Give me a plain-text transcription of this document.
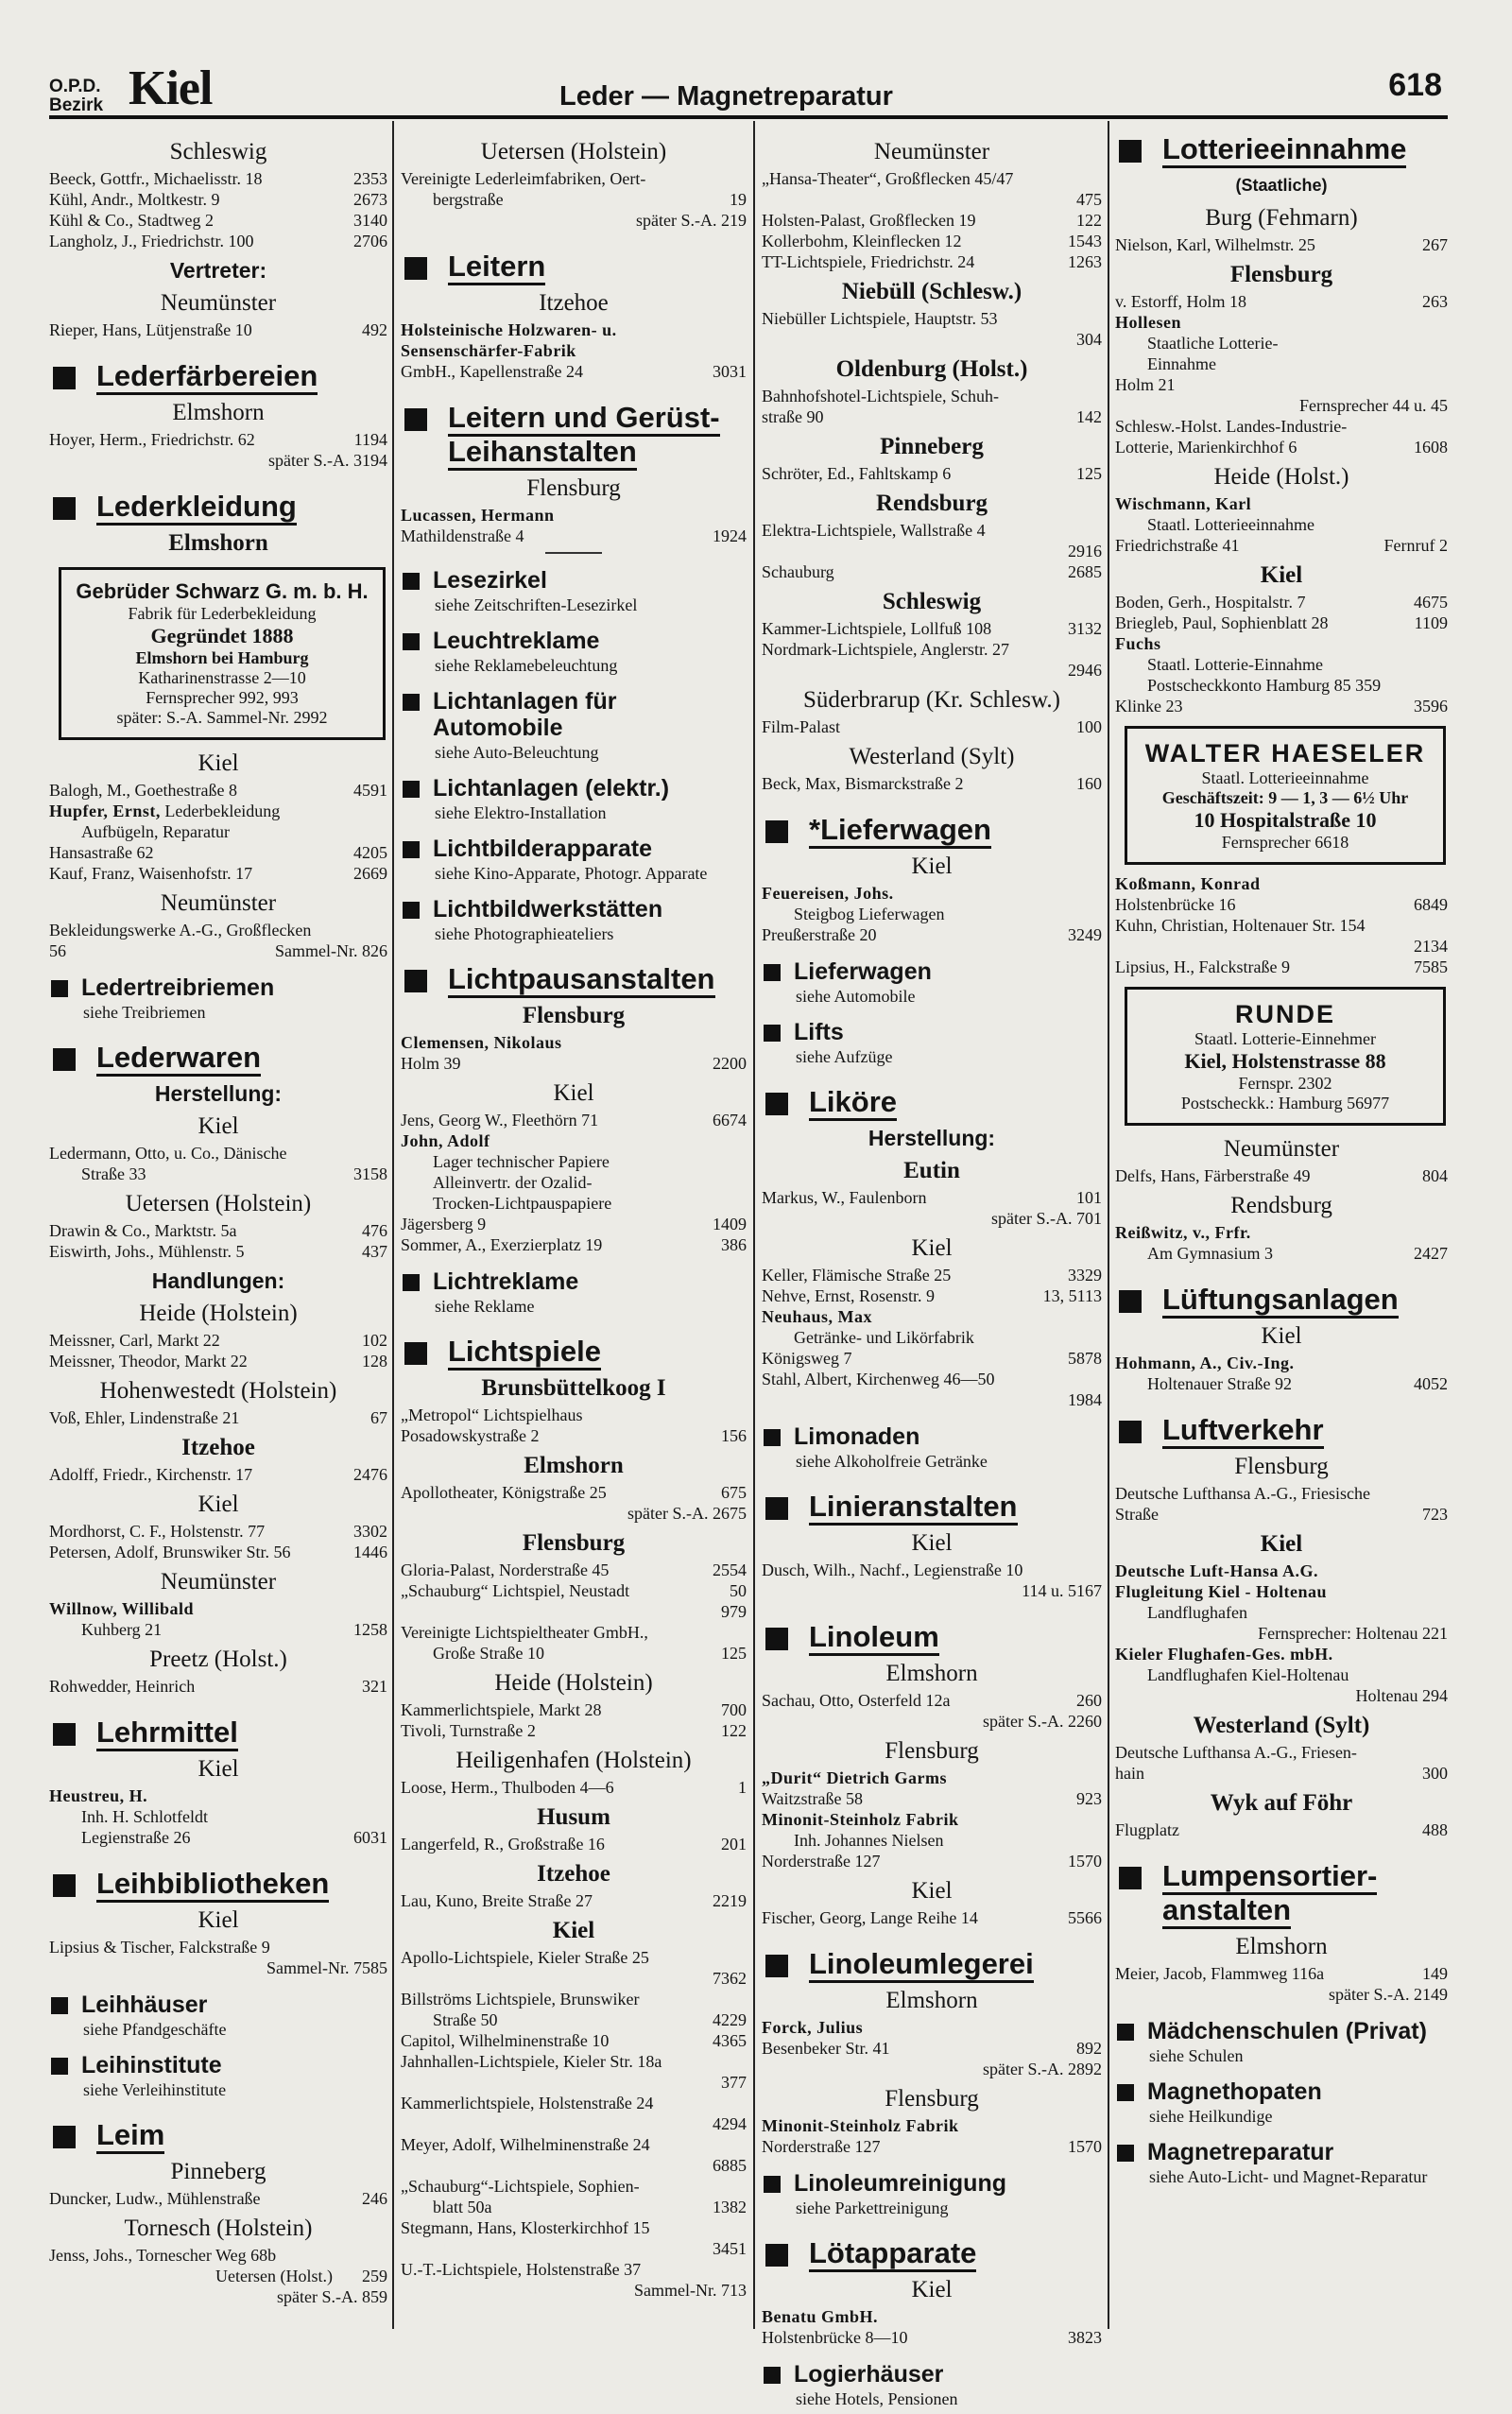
O.P.D.
Bezirk Kiel	Leder — Magnetreparatur	618
Schleswig
Beeck, Gottfr., Michaelisstr. 18	2353
Kühl, Andr., Moltkestr. 9	2673
Kühl & Co., Stadtweg 2	3140
Langholz, J., Friedrichstr. 100	2706
Vertreter:
Neumünster
Rieper, Hans, Lütjenstraße 10	492
Lederfärbereien
Elmshorn
Hoyer, Herm., Friedrichstr. 62	1194
später S.-A. 3194
Lederkleidung
Elmshorn
Gebrüder Schwarz G. m. b. H.
Fabrik für Lederbekleidung
Gegründet 1888
Elmshorn bei Hamburg
Katharinenstrasse 2—10
Fernsprecher 992, 993
später: S.-A. Sammel-Nr. 2992
Kiel
Balogh, M., Goethestraße 8	4591
Hupfer, Ernst, Lederbekleidung
Aufbügeln, Reparatur
Hansastraße 62	4205
Kauf, Franz, Waisenhofstr. 17	2669
Neumünster
Bekleidungswerke A.-G., Großflecken
56	Sammel-Nr. 826
Ledertreibriemen
siehe Treibriemen
Lederwaren
Herstellung:
Kiel
Ledermann, Otto, u. Co., Dänische
Straße 33	3158
Uetersen (Holstein)
Drawin & Co., Marktstr. 5a	476
Eiswirth, Johs., Mühlenstr. 5	437
Handlungen:
Heide (Holstein)
Meissner, Carl, Markt 22	102
Meissner, Theodor, Markt 22	128
Hohenwestedt (Holstein)
Voß, Ehler, Lindenstraße 21	67
Itzehoe
Adolff, Friedr., Kirchenstr. 17	2476
Kiel
Mordhorst, C. F., Holstenstr. 77	3302
Petersen, Adolf, Brunswiker Str. 56	1446
Neumünster
Willnow, Willibald
Kuhberg 21	1258
Preetz (Holst.)
Rohwedder, Heinrich	321
Lehrmittel
Kiel
Heustreu, H.
Inh. H. Schlotfeldt
Legienstraße 26	6031
Leihbibliotheken
Kiel
Lipsius & Tischer, Falckstraße 9
Sammel-Nr. 7585
Leihhäuser
siehe Pfandgeschäfte
Leihinstitute
siehe Verleihinstitute
Leim
Pinneberg
Duncker, Ludw., Mühlenstraße	246
Tornesch (Holstein)
Jenss, Johs., Tornescher Weg 68b
Uetersen (Holst.) 259
später S.-A. 859
Uetersen (Holstein)
Vereinigte Lederleimfabriken, Oert-
bergstraße	19
später S.-A. 219
Leitern
Itzehoe
Holsteinische Holzwaren- u.
Sensenschärfer-Fabrik
GmbH., Kapellenstraße 24	3031
Leitern und Gerüst-Leihanstalten
Flensburg
Lucassen, Hermann
Mathildenstraße 4	1924
Lesezirkel
siehe Zeitschriften-Lesezirkel
Leuchtreklame
siehe Reklamebeleuchtung
Lichtanlagen für Automobile
siehe Auto-Beleuchtung
Lichtanlagen (elektr.)
siehe Elektro-Installation
Lichtbilderapparate
siehe Kino-Apparate, Photogr. Apparate
Lichtbildwerkstätten
siehe Photographieateliers
Lichtpausanstalten
Flensburg
Clemensen, Nikolaus
Holm 39	2200
Kiel
Jens, Georg W., Fleethörn 71	6674
John, Adolf
Lager technischer Papiere
Alleinvertr. der Ozalid-
Trocken-Lichtpauspapiere
Jägersberg 9	1409
Sommer, A., Exerzierplatz 19	386
Lichtreklame
siehe Reklame
Lichtspiele
Brunsbüttelkoog I
„Metropol“ Lichtspielhaus
Posadowskystraße 2	156
Elmshorn
Apollotheater, Königstraße 25	675
später S.-A. 2675
Flensburg
Gloria-Palast, Norderstraße 45	2554
„Schauburg“ Lichtspiel, Neustadt	50
979
Vereinigte Lichtspieltheater GmbH.,
Große Straße 10	125
Heide (Holstein)
Kammerlichtspiele, Markt 28	700
Tivoli, Turnstraße 2	122
Heiligenhafen (Holstein)
Loose, Herm., Thulboden 4—6	1
Husum
Langerfeld, R., Großstraße 16	201
Itzehoe
Lau, Kuno, Breite Straße 27	2219
Kiel
Apollo-Lichtspiele, Kieler Straße 25
7362
Billströms Lichtspiele, Brunswiker
Straße 50	4229
Capitol, Wilhelminenstraße 10	4365
Jahnhallen-Lichtspiele, Kieler Str. 18a
377
Kammerlichtspiele, Holstenstraße 24
4294
Meyer, Adolf, Wilhelminenstraße 24
6885
„Schauburg“-Lichtspiele, Sophien-
blatt 50a	1382
Stegmann, Hans, Klosterkirchhof 15
3451
U.-T.-Lichtspiele, Holstenstraße 37
Sammel-Nr. 713
Neumünster
„Hansa-Theater“, Großflecken 45/47
475
Holsten-Palast, Großflecken 19	122
Kollerbohm, Kleinflecken 12	1543
TT-Lichtspiele, Friedrichstr. 24	1263
Niebüll (Schlesw.)
Niebüller Lichtspiele, Hauptstr. 53
304
Oldenburg (Holst.)
Bahnhofshotel-Lichtspiele, Schuh-
straße 90	142
Pinneberg
Schröter, Ed., Fahltskamp 6	125
Rendsburg
Elektra-Lichtspiele, Wallstraße 4
2916
Schauburg	2685
Schleswig
Kammer-Lichtspiele, Lollfuß 108	3132
Nordmark-Lichtspiele, Anglerstr. 27
2946
Süderbrarup (Kr. Schlesw.)
Film-Palast	100
Westerland (Sylt)
Beck, Max, Bismarckstraße 2	160
*Lieferwagen
Kiel
Feuereisen, Johs.
Steigbog Lieferwagen
Preußerstraße 20	3249
Lieferwagen
siehe Automobile
Lifts
siehe Aufzüge
Liköre
Herstellung:
Eutin
Markus, W., Faulenborn	101
später S.-A. 701
Kiel
Keller, Flämische Straße 25	3329
Nehve, Ernst, Rosenstr. 9	13, 5113
Neuhaus, Max
Getränke- und Likörfabrik
Königsweg 7	5878
Stahl, Albert, Kirchenweg 46—50
1984
Limonaden
siehe Alkoholfreie Getränke
Linieranstalten
Kiel
Dusch, Wilh., Nachf., Legienstraße 10
114 u. 5167
Linoleum
Elmshorn
Sachau, Otto, Osterfeld 12a	260
später S.-A. 2260
Flensburg
„Durit“ Dietrich Garms
Waitzstraße 58	923
Minonit-Steinholz Fabrik
Inh. Johannes Nielsen
Norderstraße 127	1570
Kiel
Fischer, Georg, Lange Reihe 14	5566
Linoleumlegerei
Elmshorn
Forck, Julius
Besenbeker Str. 41	892
später S.-A. 2892
Flensburg
Minonit-Steinholz Fabrik
Norderstraße 127	1570
Linoleumreinigung
siehe Parkettreinigung
Lötapparate
Kiel
Benatu GmbH.
Holstenbrücke 8—10	3823
Logierhäuser
siehe Hotels, Pensionen
Lotterieeinnahme
(Staatliche)
Burg (Fehmarn)
Nielson, Karl, Wilhelmstr. 25	267
Flensburg
v. Estorff, Holm 18	263
Hollesen
Staatliche Lotterie-
Einnahme
Holm 21
Fernsprecher 44 u. 45
Schlesw.-Holst. Landes-Industrie-
Lotterie, Marienkirchhof 6	1608
Heide (Holst.)
Wischmann, Karl
Staatl. Lotterieeinnahme
Friedrichstraße 41	Fernruf 2
Kiel
Boden, Gerh., Hospitalstr. 7	4675
Briegleb, Paul, Sophienblatt 28	1109
Fuchs
Staatl. Lotterie-Einnahme
Postscheckkonto Hamburg 85 359
Klinke 23	3596
WALTER HAESELER
Staatl. Lotterieeinnahme
Geschäftszeit: 9 — 1, 3 — 6½ Uhr
10 Hospitalstraße 10
Fernsprecher 6618
Koßmann, Konrad
Holstenbrücke 16	6849
Kuhn, Christian, Holtenauer Str. 154
2134
Lipsius, H., Falckstraße 9	7585
RUNDE
Staatl. Lotterie-Einnehmer
Kiel, Holstenstrasse 88
Fernspr. 2302
Postscheckk.: Hamburg 56977
Neumünster
Delfs, Hans, Färberstraße 49	804
Rendsburg
Reißwitz, v., Frfr.
Am Gymnasium 3	2427
Lüftungsanlagen
Kiel
Hohmann, A., Civ.-Ing.
Holtenauer Straße 92	4052
Luftverkehr
Flensburg
Deutsche Lufthansa A.-G., Friesische
Straße	723
Kiel
Deutsche Luft-Hansa A.G.
Flugleitung Kiel - Holtenau
Landflughafen
Fernsprecher: Holtenau 221
Kieler Flughafen-Ges. mbH.
Landflughafen Kiel-Holtenau
Holtenau 294
Westerland (Sylt)
Deutsche Lufthansa A.-G., Friesen-
hain	300
Wyk auf Föhr
Flugplatz	488
Lumpensortier-anstalten
Elmshorn
Meier, Jacob, Flammweg 116a	149
später S.-A. 2149
Mädchenschulen (Privat)
siehe Schulen
Magnethopaten
siehe Heilkundige
Magnetreparatur
siehe Auto-Licht- und Magnet-Reparatur
